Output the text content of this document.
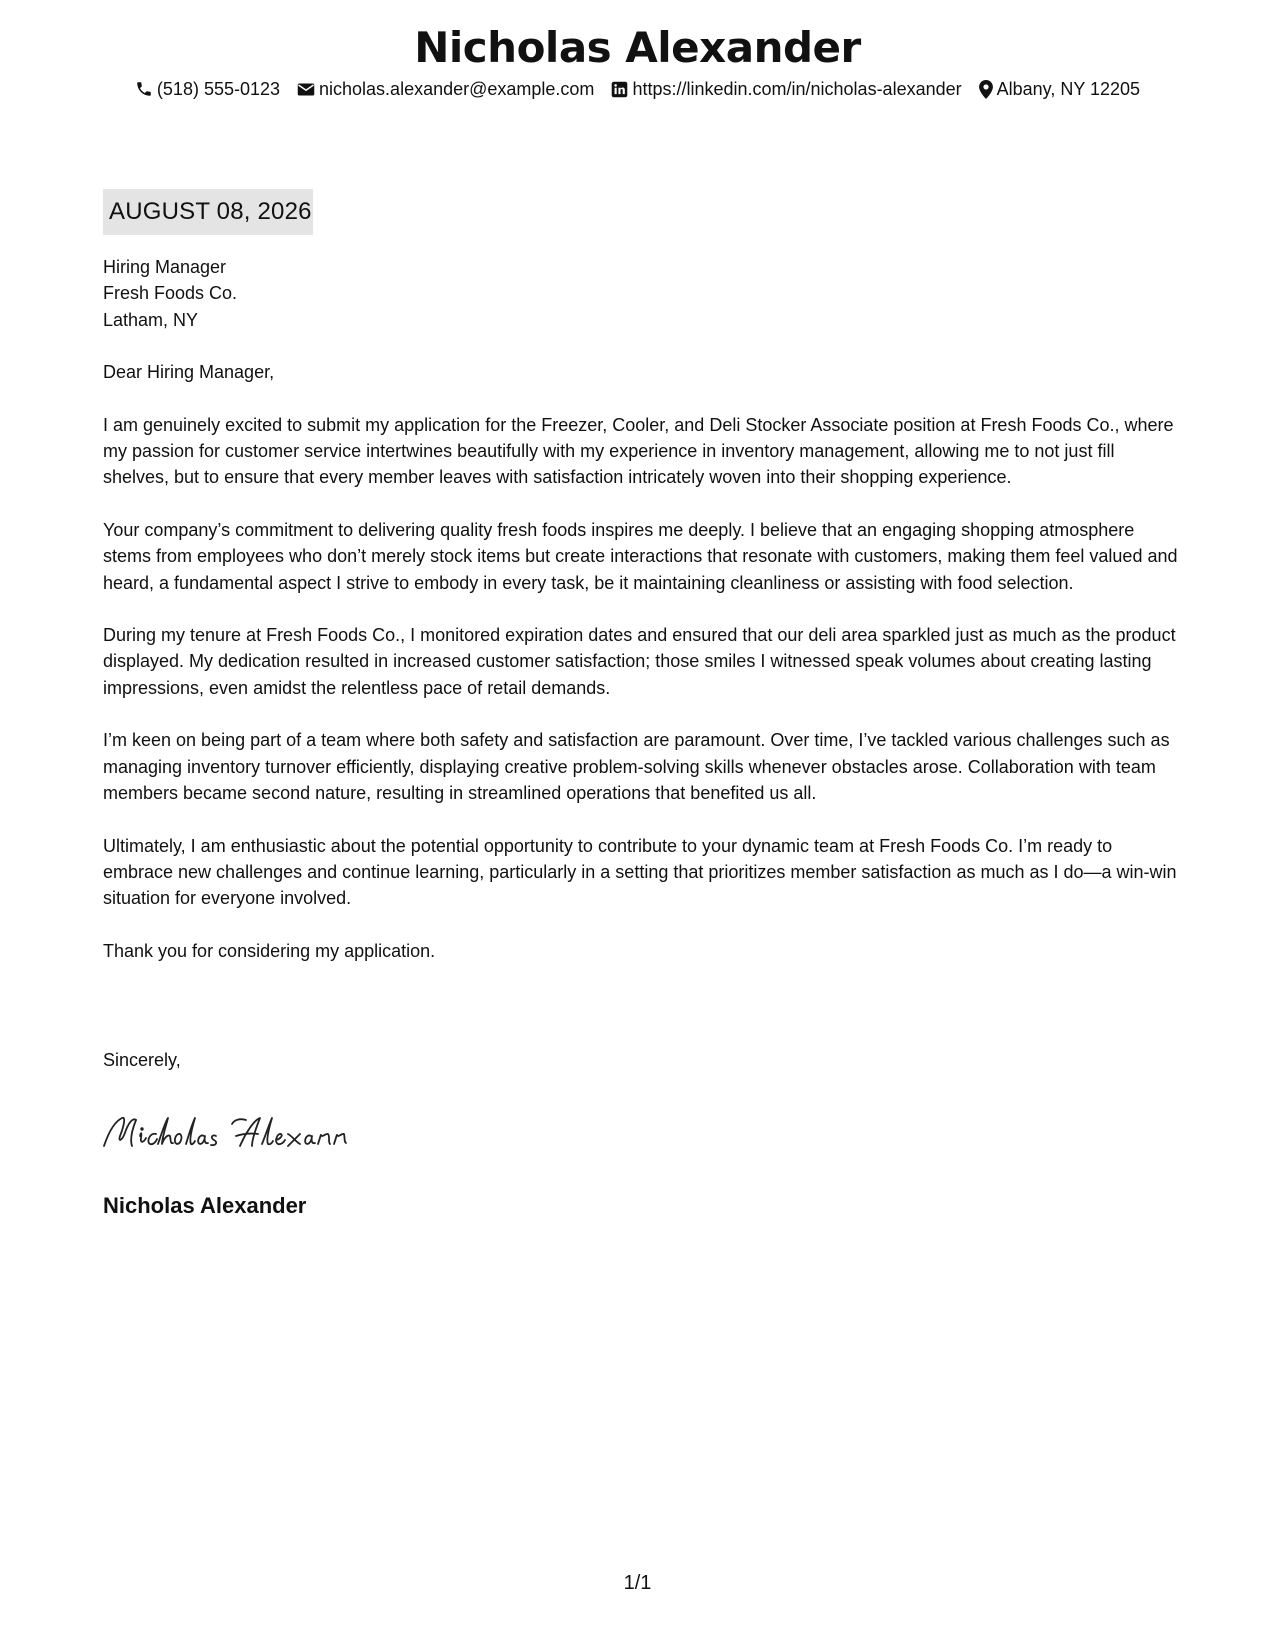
Nicholas Alexander
(518) 555-0123 nicholas.alexander@example.com https://linkedin.com/in/nicholas-alexander Albany, NY 12205
AUGUST 08, 2026

Hiring Manager
Fresh Foods Co.
Latham, NY

Dear Hiring Manager,

I am genuinely excited to submit my application for the Freezer, Cooler, and Deli Stocker Associate position at Fresh Foods Co., where my passion for customer service intertwines beautifully with my experience in inventory management, allowing me to not just fill shelves, but to ensure that every member leaves with satisfaction intricately woven into their shopping experience.

Your company’s commitment to delivering quality fresh foods inspires me deeply. I believe that an engaging shopping atmosphere stems from employees who don’t merely stock items but create interactions that resonate with customers, making them feel valued and heard, a fundamental aspect I strive to embody in every task, be it maintaining cleanliness or assisting with food selection.

During my tenure at Fresh Foods Co., I monitored expiration dates and ensured that our deli area sparkled just as much as the product displayed. My dedication resulted in increased customer satisfaction; those smiles I witnessed speak volumes about creating lasting impressions, even amidst the relentless pace of retail demands.

I’m keen on being part of a team where both safety and satisfaction are paramount. Over time, I’ve tackled various challenges such as managing inventory turnover efficiently, displaying creative problem-solving skills whenever obstacles arose. Collaboration with team members became second nature, resulting in streamlined operations that benefited us all.

Ultimately, I am enthusiastic about the potential opportunity to contribute to your dynamic team at Fresh Foods Co. I’m ready to embrace new challenges and continue learning, particularly in a setting that prioritizes member satisfaction as much as I do—a win-win situation for everyone involved.

Thank you for considering my application.

Sincerely,
Nicholas Alexander
1/1
